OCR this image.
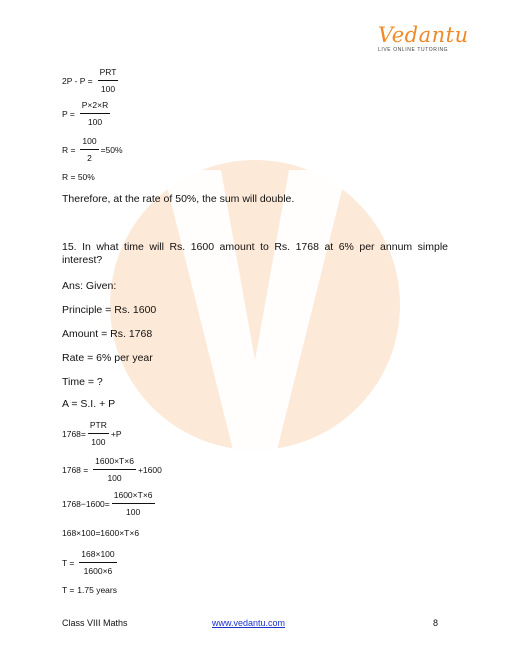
Vedantu
LIVE ONLINE TUTORING
$2P - P = \frac{\text{PRT}}{100}$
$P = \frac{P\times 2\times R}{100}$
$R = \frac{100}{2} =50\%$
R = 50%
Therefore, at the rate of 50%, the sum will double.
15. In what time will Rs. 1600 amount to Rs. 1768 at 6% per annum simple interest?
Ans: Given:
Principle = Rs. 1600
Amount = Rs. 1768
Rate = 6% per year
Time = ?
A = S.I. + P
$1768= \frac{\text{PTR}}{100} +P$
$1768 = \frac{1600\times T\times 6}{100} +1600$
$1768-1600= \frac{1600\times T\times 6}{100}$
168×100=1600×T×6
$T = \frac{168\times 100}{1600\times 6}$
T = 1.75 years
Class VIII Maths	www.vedantu.com	8
